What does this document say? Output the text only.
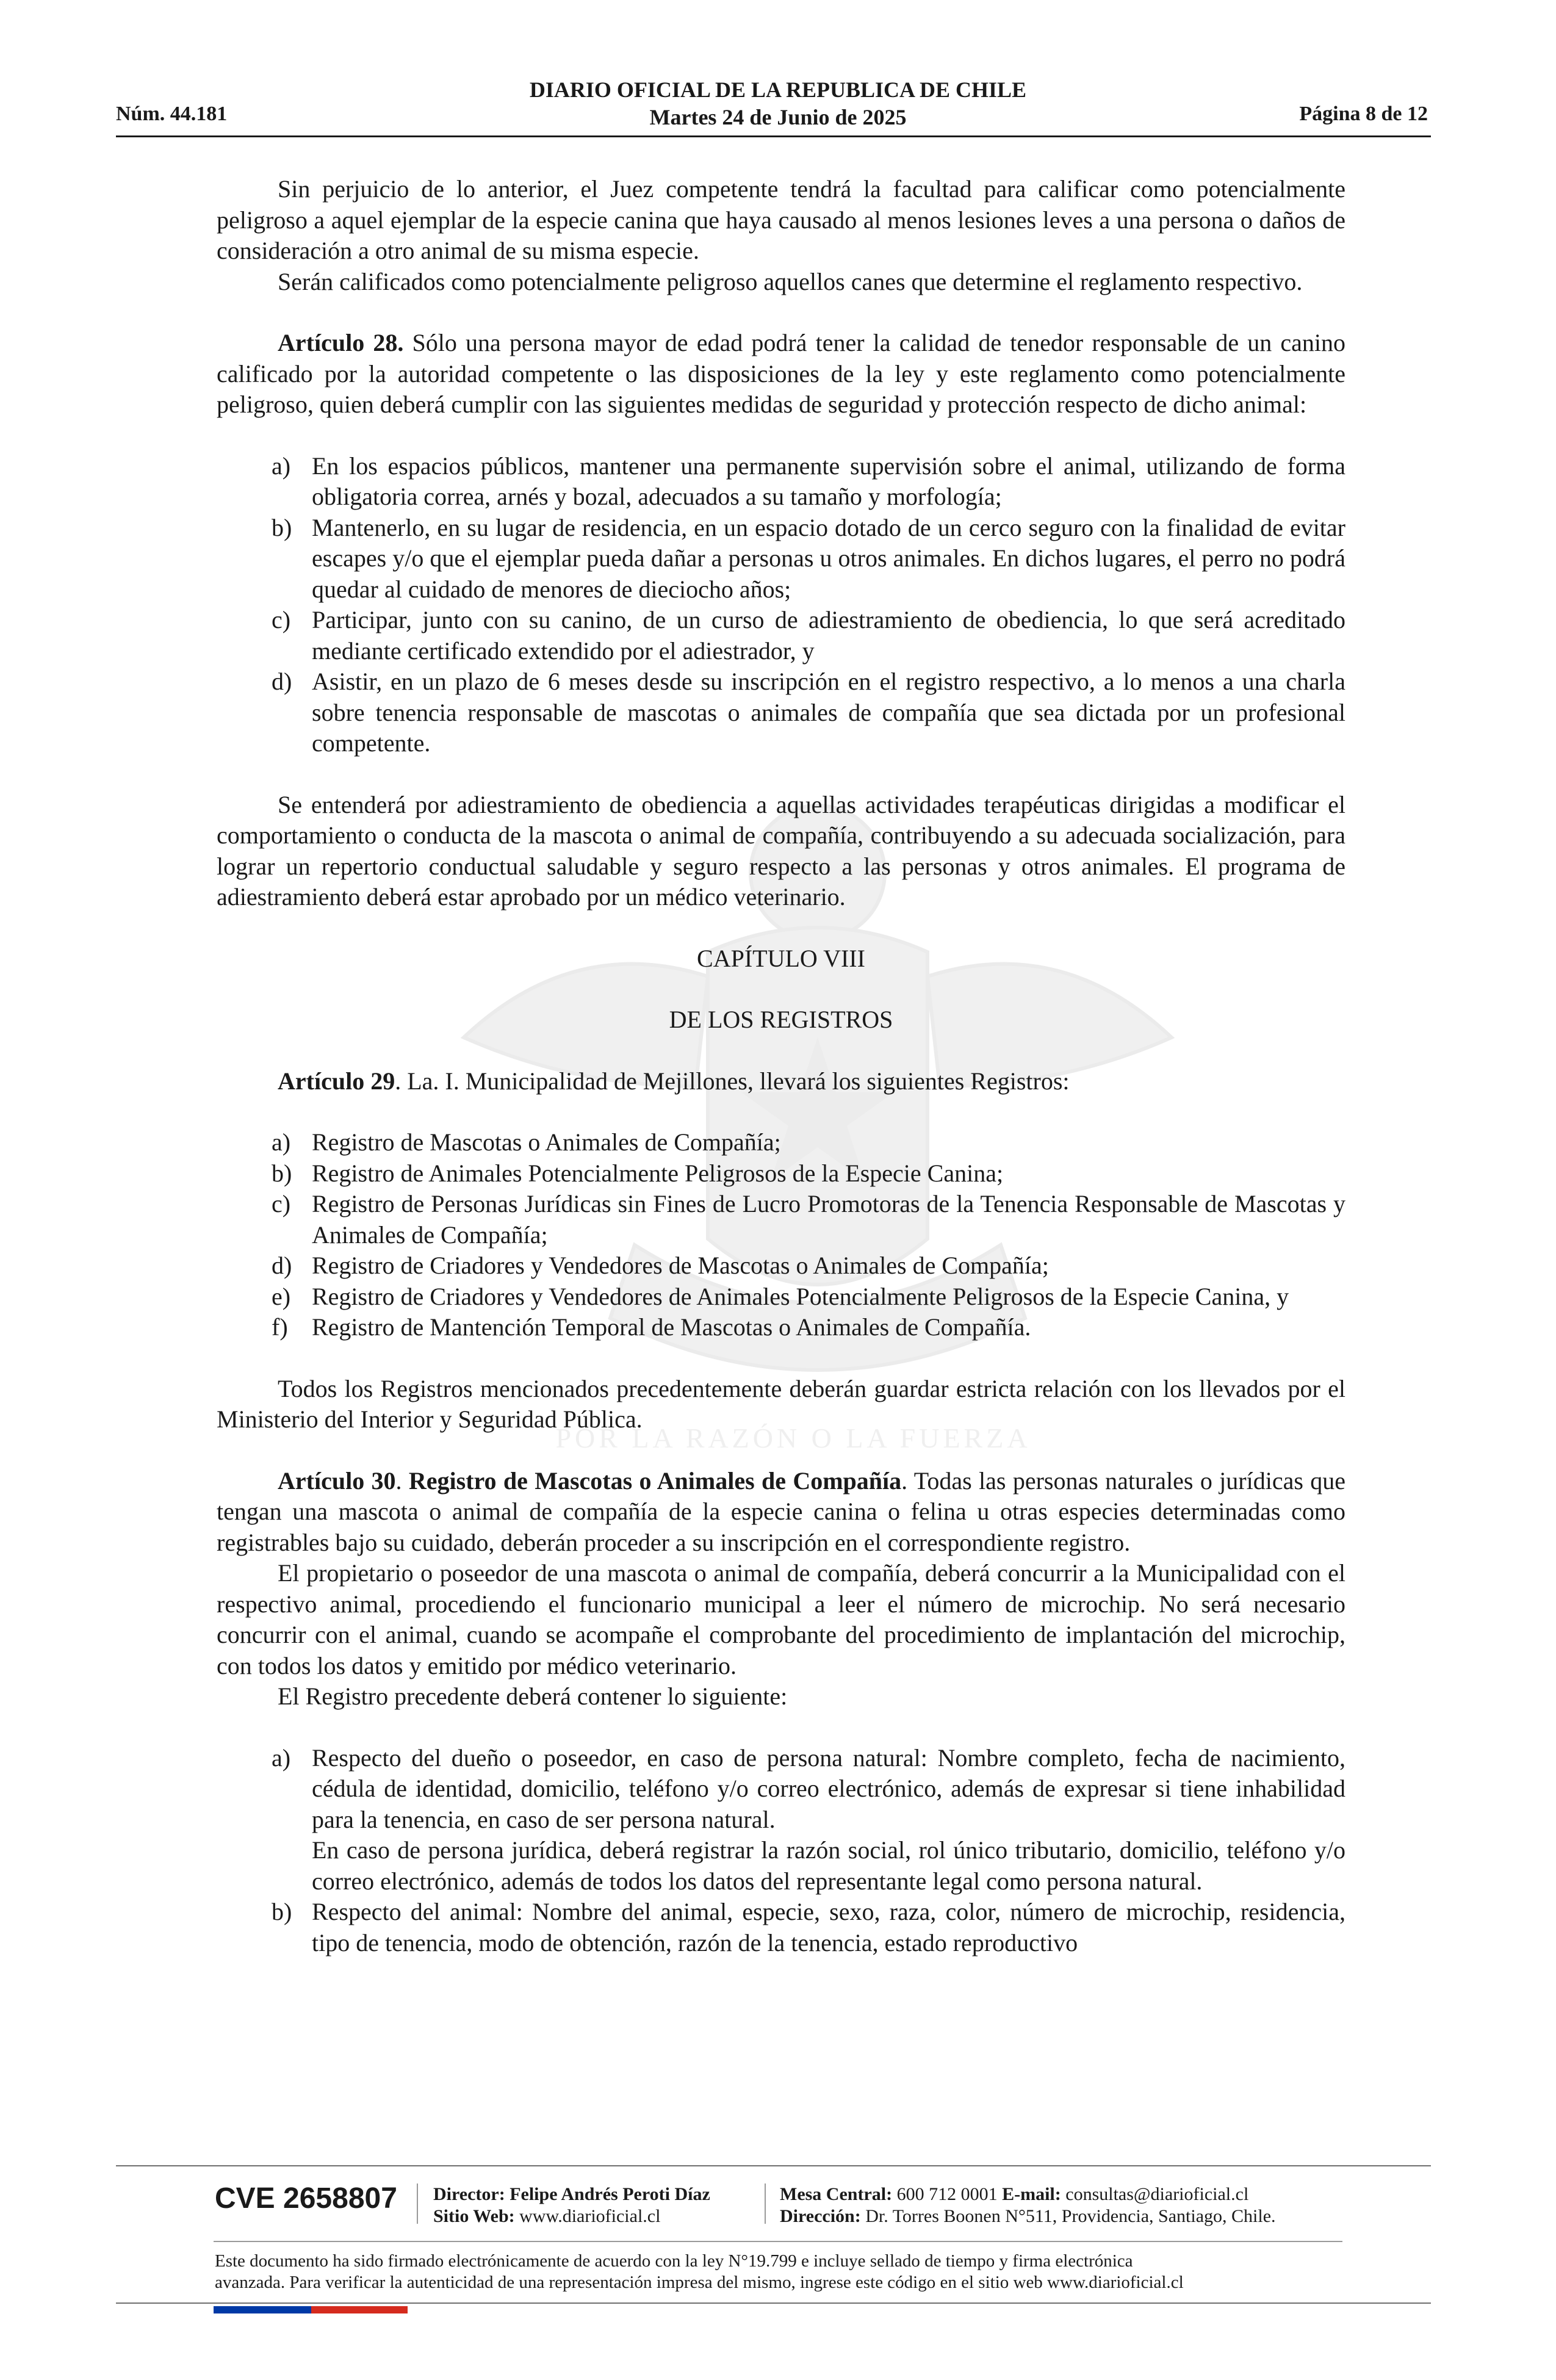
Núm. 44.181
DIARIO OFICIAL DE LA REPUBLICA DE CHILE
Martes 24 de Junio de 2025	Página 8 de 12
POR LA RAZÓN O LA FUERZA

Sin perjuicio de lo anterior, el Juez competente tendrá la facultad para calificar como potencialmente peligroso a aquel ejemplar de la especie canina que haya causado al menos lesiones leves a una persona o daños de consideración a otro animal de su misma especie.

Serán calificados como potencialmente peligroso aquellos canes que determine el reglamento respectivo.

Artículo 28. Sólo una persona mayor de edad podrá tener la calidad de tenedor responsable de un canino calificado por la autoridad competente o las disposiciones de la ley y este reglamento como potencialmente peligroso, quien deberá cumplir con las siguientes medidas de seguridad y protección respecto de dicho animal:

a) En los espacios públicos, mantener una permanente supervisión sobre el animal, utilizando de forma obligatoria correa, arnés y bozal, adecuados a su tamaño y morfología;
b) Mantenerlo, en su lugar de residencia, en un espacio dotado de un cerco seguro con la finalidad de evitar escapes y/o que el ejemplar pueda dañar a personas u otros animales. En dichos lugares, el perro no podrá quedar al cuidado de menores de dieciocho años;
c) Participar, junto con su canino, de un curso de adiestramiento de obediencia, lo que será acreditado mediante certificado extendido por el adiestrador, y
d) Asistir, en un plazo de 6 meses desde su inscripción en el registro respectivo, a lo menos a una charla sobre tenencia responsable de mascotas o animales de compañía que sea dictada por un profesional competente.

Se entenderá por adiestramiento de obediencia a aquellas actividades terapéuticas dirigidas a modificar el comportamiento o conducta de la mascota o animal de compañía, contribuyendo a su adecuada socialización, para lograr un repertorio conductual saludable y seguro respecto a las personas y otros animales. El programa de adiestramiento deberá estar aprobado por un médico veterinario.

CAPÍTULO VIII

DE LOS REGISTROS

Artículo 29. La. I. Municipalidad de Mejillones, llevará los siguientes Registros:

a) Registro de Mascotas o Animales de Compañía;
b) Registro de Animales Potencialmente Peligrosos de la Especie Canina;
c) Registro de Personas Jurídicas sin Fines de Lucro Promotoras de la Tenencia Responsable de Mascotas y Animales de Compañía;
d) Registro de Criadores y Vendedores de Mascotas o Animales de Compañía;
e) Registro de Criadores y Vendedores de Animales Potencialmente Peligrosos de la Especie Canina, y
f) Registro de Mantención Temporal de Mascotas o Animales de Compañía.

Todos los Registros mencionados precedentemente deberán guardar estricta relación con los llevados por el Ministerio del Interior y Seguridad Pública.

Artículo 30. Registro de Mascotas o Animales de Compañía. Todas las personas naturales o jurídicas que tengan una mascota o animal de compañía de la especie canina o felina u otras especies determinadas como registrables bajo su cuidado, deberán proceder a su inscripción en el correspondiente registro.

El propietario o poseedor de una mascota o animal de compañía, deberá concurrir a la Municipalidad con el respectivo animal, procediendo el funcionario municipal a leer el número de microchip. No será necesario concurrir con el animal, cuando se acompañe el comprobante del procedimiento de implantación del microchip, con todos los datos y emitido por médico veterinario.

El Registro precedente deberá contener lo siguiente:

a) Respecto del dueño o poseedor, en caso de persona natural: Nombre completo, fecha de nacimiento, cédula de identidad, domicilio, teléfono y/o correo electrónico, además de expresar si tiene inhabilidad para la tenencia, en caso de ser persona natural.
En caso de persona jurídica, deberá registrar la razón social, rol único tributario, domicilio, teléfono y/o correo electrónico, además de todos los datos del representante legal como persona natural.
b) Respecto del animal: Nombre del animal, especie, sexo, raza, color, número de microchip, residencia, tipo de tenencia, modo de obtención, razón de la tenencia, estado reproductivo
CVE 2658807 Director: Felipe Andrés Peroti Díaz
Sitio Web: www.diarioficial.cl
Mesa Central: 600 712 0001 E-mail: consultas@diarioficial.cl
Dirección: Dr. Torres Boonen N°511, Providencia, Santiago, Chile.
Este documento ha sido firmado electrónicamente de acuerdo con la ley N°19.799 e incluye sellado de tiempo y firma electrónica
avanzada. Para verificar la autenticidad de una representación impresa del mismo, ingrese este código en el sitio web www.diarioficial.cl
